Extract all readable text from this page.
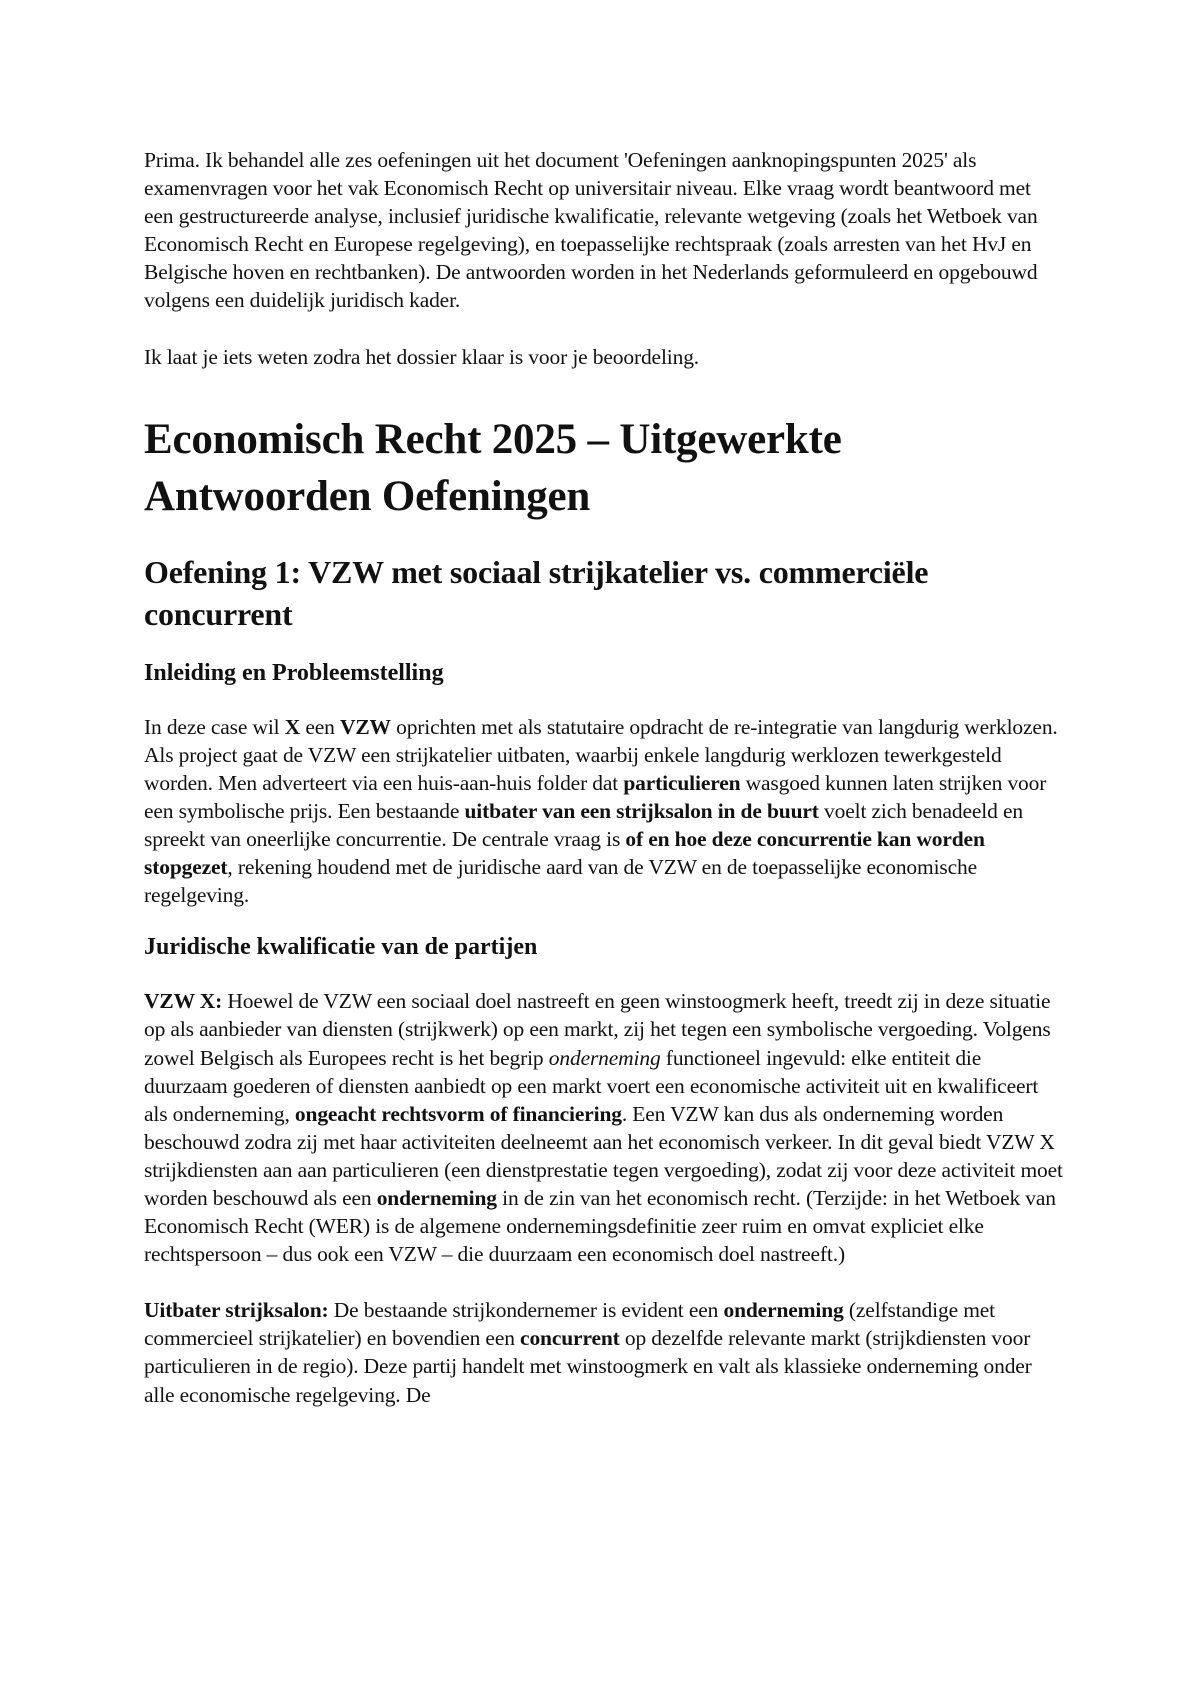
Prima. Ik behandel alle zes oefeningen uit het document 'Oefeningen aanknopingspunten 2025' als examenvragen voor het vak Economisch Recht op universitair niveau. Elke vraag wordt beantwoord met een gestructureerde analyse, inclusief juridische kwalificatie, relevante wetgeving (zoals het Wetboek van Economisch Recht en Europese regelgeving), en toepasselijke rechtspraak (zoals arresten van het HvJ en Belgische hoven en rechtbanken). De antwoorden worden in het Nederlands geformuleerd en opgebouwd volgens een duidelijk juridisch kader.

Ik laat je iets weten zodra het dossier klaar is voor je beoordeling.

Economisch Recht 2025 – Uitgewerkte Antwoorden Oefeningen
Oefening 1: VZW met sociaal strijkatelier vs. commerciële concurrent
Inleiding en Probleemstelling

In deze case wil X een VZW oprichten met als statutaire opdracht de re-integratie van langdurig werklozen. Als project gaat de VZW een strijkatelier uitbaten, waarbij enkele langdurig werklozen tewerkgesteld worden. Men adverteert via een huis-aan-huis folder dat particulieren wasgoed kunnen laten strijken voor een symbolische prijs. Een bestaande uitbater van een strijksalon in de buurt voelt zich benadeeld en spreekt van oneerlijke concurrentie. De centrale vraag is of en hoe deze concurrentie kan worden stopgezet, rekening houdend met de juridische aard van de VZW en de toepasselijke economische regelgeving.

Juridische kwalificatie van de partijen

VZW X: Hoewel de VZW een sociaal doel nastreeft en geen winstoogmerk heeft, treedt zij in deze situatie op als aanbieder van diensten (strijkwerk) op een markt, zij het tegen een symbolische vergoeding. Volgens zowel Belgisch als Europees recht is het begrip onderneming functioneel ingevuld: elke entiteit die duurzaam goederen of diensten aanbiedt op een markt voert een economische activiteit uit en kwalificeert als onderneming, ongeacht rechtsvorm of financiering. Een VZW kan dus als onderneming worden beschouwd zodra zij met haar activiteiten deelneemt aan het economisch verkeer. In dit geval biedt VZW X strijkdiensten aan aan particulieren (een dienstprestatie tegen vergoeding), zodat zij voor deze activiteit moet worden beschouwd als een onderneming in de zin van het economisch recht. (Terzijde: in het Wetboek van Economisch Recht (WER) is de algemene ondernemingsdefinitie zeer ruim en omvat expliciet elke rechtspersoon – dus ook een VZW – die duurzaam een economisch doel nastreeft.)

Uitbater strijksalon: De bestaande strijkondernemer is evident een onderneming (zelfstandige met commercieel strijkatelier) en bovendien een concurrent op dezelfde relevante markt (strijkdiensten voor particulieren in de regio). Deze partij handelt met winstoogmerk en valt als klassieke onderneming onder alle economische regelgeving. De
